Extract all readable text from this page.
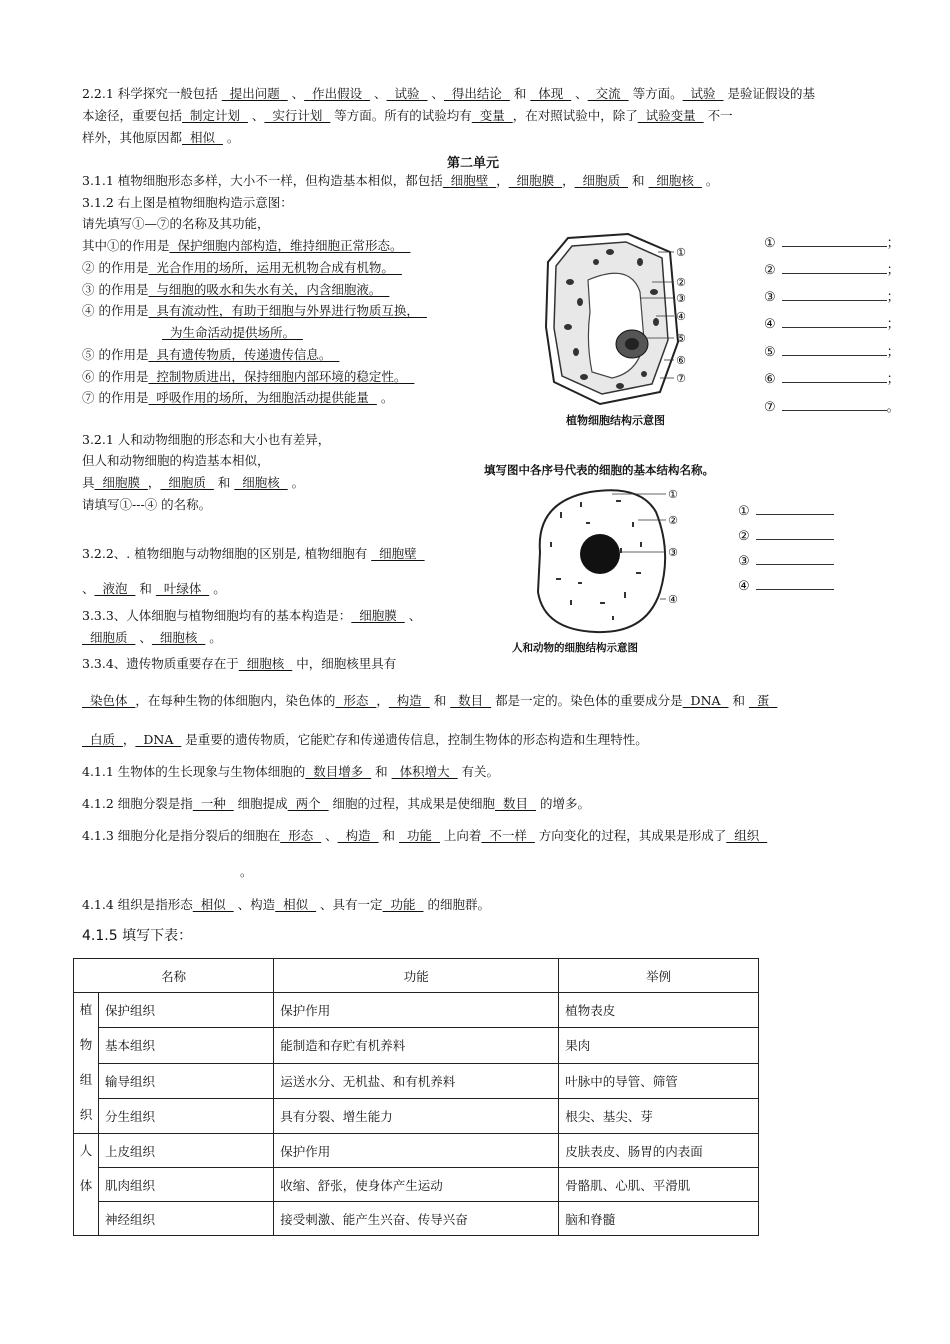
2.2.1 科学探究一般包括   提出问题   、  作出假设   、  试验   、  得出结论   和   体现   、  交流   等方面。  试验   是验证假设的基
本途径，重要包括  制定计划   、  实行计划   等方面。所有的试验均有  变量  ，在对照试验中，除了  试验变量   不一
样外，其他原因都  相似   。
第二单元
3.1.1 植物细胞形态多样，大小不一样，但构造基本相似，都包括  细胞壁  ，  细胞膜  ，  细胞质   和   细胞核   。
3.1.2 右上图是植物细胞构造示意图：
请先填写①—⑦的名称及其功能，
其中①的作用是  保护细胞内部构造，维持细胞正常形态。
② 的作用是  光合作用的场所，运用无机物合成有机物。
③ 的作用是  与细胞的吸水和失水有关，内含细胞液。
④ 的作用是  具有流动性，有助于细胞与外界进行物质互换，
为生命活动提供场所。
⑤ 的作用是  具有遗传物质，传递遗传信息。
⑥ 的作用是  控制物质进出，保持细胞内部环境的稳定性。
⑦ 的作用是  呼吸作用的场所，为细胞活动提供能量   。
①
②
③
④
⑤
⑥
⑦
植物细胞结构示意图
①	；
②	；
③	；
④	；
⑤	；
⑥	；
⑦	。
3.2.1 人和动物细胞的形态和大小也有差异，
但人和动物细胞的构造基本相似，
具  细胞膜  ，  细胞质   和   细胞核   。
请填写①---④ 的名称。
填写图中各序号代表的细胞的基本结构名称。
①
②
③
④
人和动物的细胞结构示意图
①
②
③
④
3.2.2、. 植物细胞与动物细胞的区别是, 植物细胞有   细胞壁
、  液泡   和   叶绿体   。
3.3.3、人体细胞与植物细胞均有的基本构造是：  细胞膜   、
细胞质   、  细胞核   。
3.3.4、遗传物质重要存在于  细胞核   中，细胞核里具有
染色体  ，在每种生物的体细胞内，染色体的  形态  ，  构造   和   数目   都是一定的。染色体的重要成分是  DNA   和   蛋
白质  ，  DNA   是重要的遗传物质，它能贮存和传递遗传信息，控制生物体的形态构造和生理特性。
4.1.1 生物体的生长现象与生物体细胞的  数目增多   和   体积增大   有关。
4.1.2 细胞分裂是指  一种   细胞提成  两个   细胞的过程，其成果是使细胞  数目   的增多。
4.1.3 细胞分化是指分裂后的细胞在  形态   、  构造   和   功能   上向着  不一样   方向变化的过程，其成果是形成了  组织
。
4.1.4 组织是指形态  相似   、构造  相似   、具有一定  功能   的细胞群。
4.1.5 填写下表：
名称		功能	举例

植
物
组
织	保护组织	保护作用	植物表皮
	基本组织	能制造和存贮有机养料	果肉
	输导组织	运送水分、无机盐、和有机养料	叶脉中的导管、筛管
	分生组织	具有分裂、增生能力	根尖、基尖、芽

人
体	上皮组织	保护作用	皮肤表皮、肠胃的内表面
	肌肉组织	收缩、舒张，使身体产生运动	骨骼肌、心肌、平滑肌
	神经组织	接受刺激、能产生兴奋、传导兴奋	脑和脊髓
